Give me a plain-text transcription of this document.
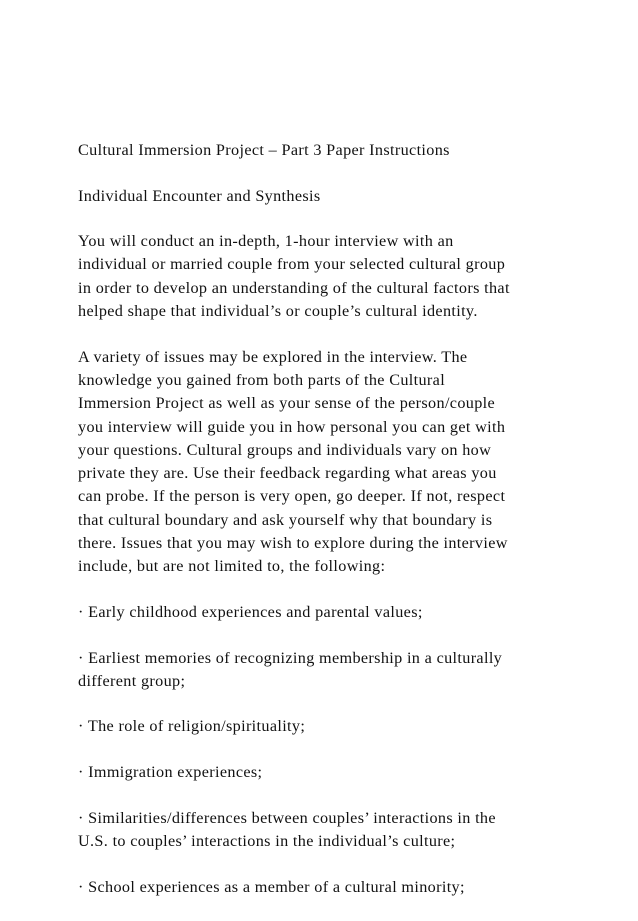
Cultural Immersion Project – Part 3 Paper Instructions
Individual Encounter and Synthesis
You will conduct an in-depth, 1-hour interview with an
individual or married couple from your selected cultural group
in order to develop an understanding of the cultural factors that
helped shape that individual’s or couple’s cultural identity.
A variety of issues may be explored in the interview. The
knowledge you gained from both parts of the Cultural
Immersion Project as well as your sense of the person/couple
you interview will guide you in how personal you can get with
your questions. Cultural groups and individuals vary on how
private they are. Use their feedback regarding what areas you
can probe. If the person is very open, go deeper. If not, respect
that cultural boundary and ask yourself why that boundary is
there. Issues that you may wish to explore during the interview
include, but are not limited to, the following:
· Early childhood experiences and parental values;
· Earliest memories of recognizing membership in a culturally
different group;
· The role of religion/spirituality;
· Immigration experiences;
· Similarities/differences between couples’ interactions in the
U.S. to couples’ interactions in the individual’s culture;
· School experiences as a member of a cultural minority;
